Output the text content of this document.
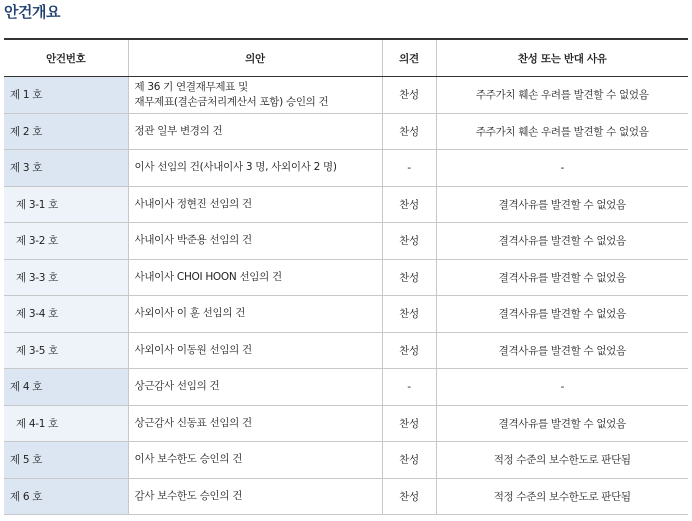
안건개요
안건번호	의안	의견	찬성 또는 반대 사유
제 1 호	제 36 기 연결재무제표 및
재무제표(결손금처리계산서 포함) 승인의 건	찬성	주주가치 훼손 우려를 발견할 수 없었음
제 2 호	정관 일부 변경의 건	찬성	주주가치 훼손 우려를 발견할 수 없었음
제 3 호	이사 선임의 건(사내이사 3 명, 사외이사 2 명)	-	-
제 3-1 호	사내이사 정현진 선임의 건	찬성	결격사유를 발견할 수 없었음
제 3-2 호	사내이사 박준용 선임의 건	찬성	결격사유를 발견할 수 없었음
제 3-3 호	사내이사 CHOI HOON 선임의 건	찬성	결격사유를 발견할 수 없었음
제 3-4 호	사외이사 이 훈 선임의 건	찬성	결격사유를 발견할 수 없었음
제 3-5 호	사외이사 이동원 선임의 건	찬성	결격사유를 발견할 수 없었음
제 4 호	상근감사 선임의 건	-	-
제 4-1 호	상근감사 신동표 선임의 건	찬성	결격사유를 발견할 수 없었음
제 5 호	이사 보수한도 승인의 건	찬성	적정 수준의 보수한도로 판단됨
제 6 호	감사 보수한도 승인의 건	찬성	적정 수준의 보수한도로 판단됨
